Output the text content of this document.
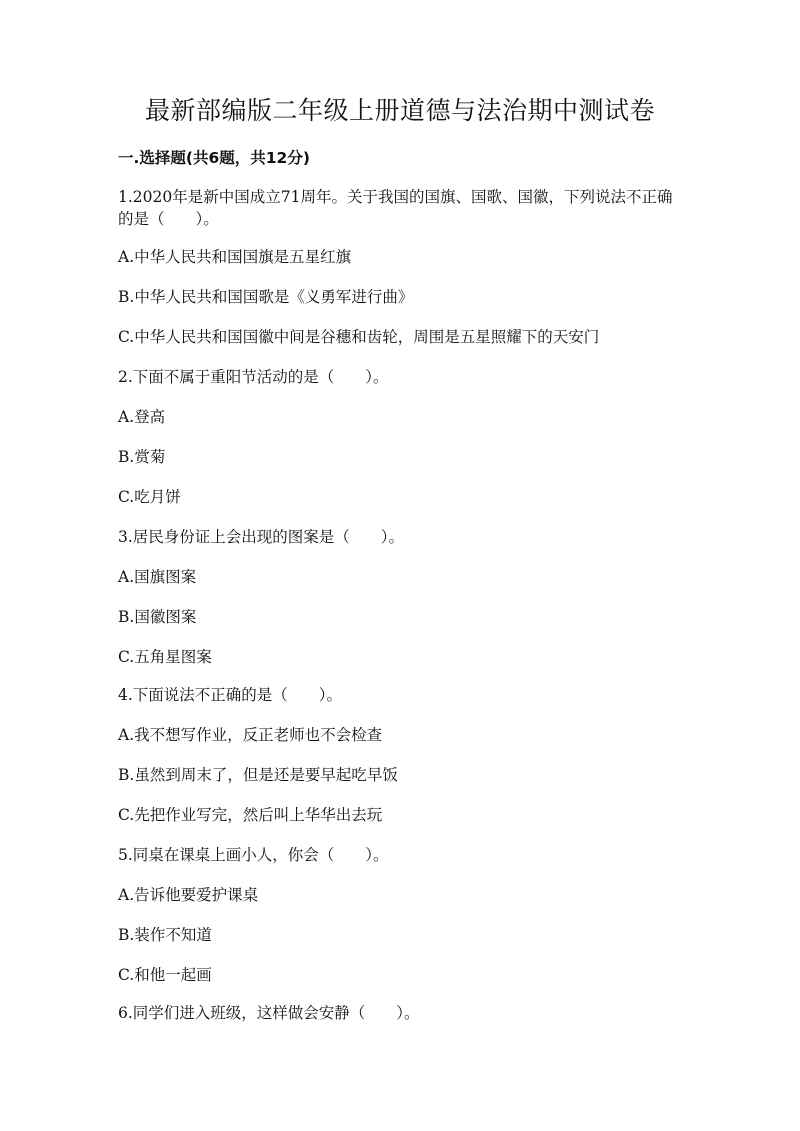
最新部编版二年级上册道德与法治期中测试卷
一.选择题(共6题，共12分)
1.2020年是新中国成立71周年。关于我国的国旗、国歌、国徽，下列说法不正确的是（　　）。
A.中华人民共和国国旗是五星红旗
B.中华人民共和国国歌是《义勇军进行曲》
C.中华人民共和国国徽中间是谷穗和齿轮，周围是五星照耀下的天安门
2.下面不属于重阳节活动的是（　　）。
A.登高
B.赏菊
C.吃月饼
3.居民身份证上会出现的图案是（　　）。
A.国旗图案
B.国徽图案
C.五角星图案
4.下面说法不正确的是（　　）。
A.我不想写作业，反正老师也不会检查
B.虽然到周末了，但是还是要早起吃早饭
C.先把作业写完，然后叫上华华出去玩
5.同桌在课桌上画小人，你会（　　）。
A.告诉他要爱护课桌
B.装作不知道
C.和他一起画
6.同学们进入班级，这样做会安静（　　）。
